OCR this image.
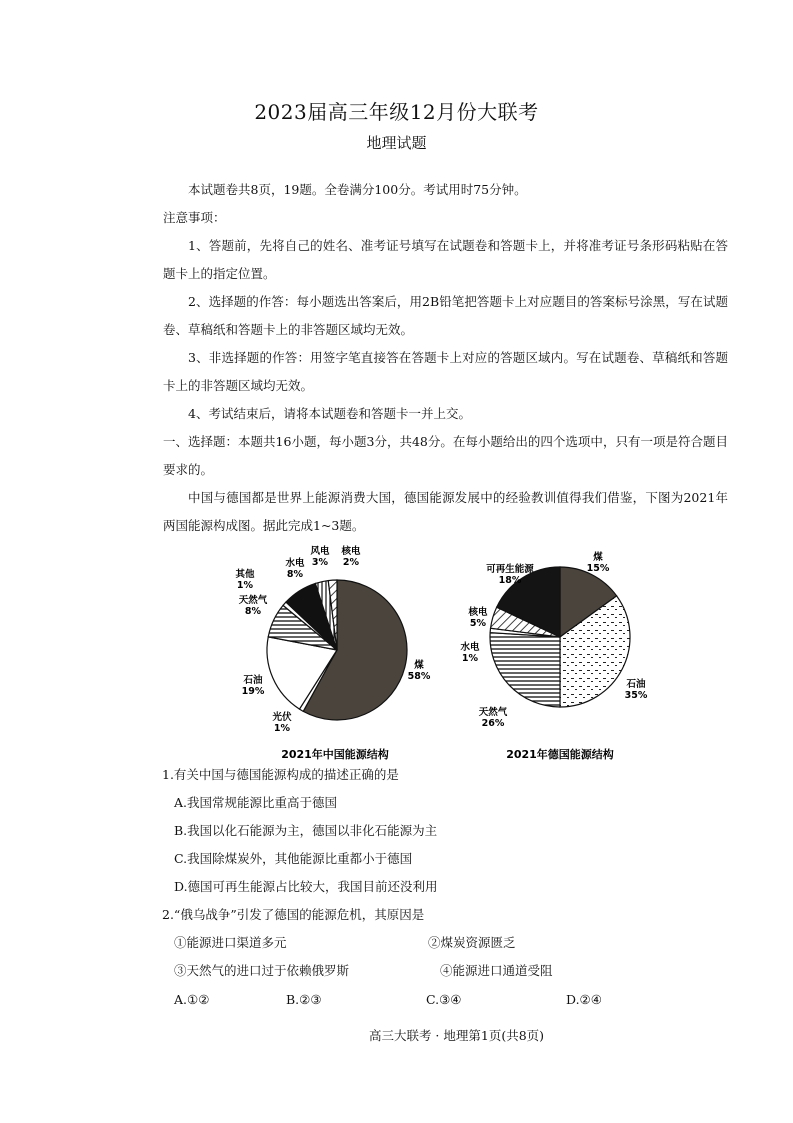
2023届高三年级12月份大联考
地理试题
本试题卷共8页，19题。全卷满分100分。考试用时75分钟。
注意事项：
1、答题前，先将自己的姓名、准考证号填写在试题卷和答题卡上，并将准考证号条形码粘贴在答题卡上的指定位置。
2、选择题的作答：每小题选出答案后，用2B铅笔把答题卡上对应题目的答案标号涂黑，写在试题卷、草稿纸和答题卡上的非答题区域均无效。
3、非选择题的作答：用签字笔直接答在答题卡上对应的答题区域内。写在试题卷、草稿纸和答题卡上的非答题区域均无效。
4、考试结束后，请将本试题卷和答题卡一并上交。
一、选择题：本题共16小题，每小题3分，共48分。在每小题给出的四个选项中，只有一项是符合题目要求的。
中国与德国都是世界上能源消费大国，德国能源发展中的经验教训值得我们借鉴，下图为2021年两国能源构成图。据此完成1~3题。
煤
58%
光伏
1%
石油
19%
天然气
8%
其他
1%
水电
8%
风电
3%
核电
2%
2021年中国能源结构
煤
15%
石油
35%
天然气
26%
水电
1%
核电
5%
可再生能源
18%
2021年德国能源结构
1.有关中国与德国能源构成的描述正确的是
A.我国常规能源比重高于德国
B.我国以化石能源为主，德国以非化石能源为主
C.我国除煤炭外，其他能源比重都小于德国
D.德国可再生能源占比较大，我国目前还没利用
2.“俄乌战争”引发了德国的能源危机，其原因是
①能源进口渠道多元	②煤炭资源匮乏
③天然气的进口过于依赖俄罗斯	④能源进口通道受阻
A.①②	B.②③	C.③④	D.②④
高三大联考 · 地理第1页(共8页)
